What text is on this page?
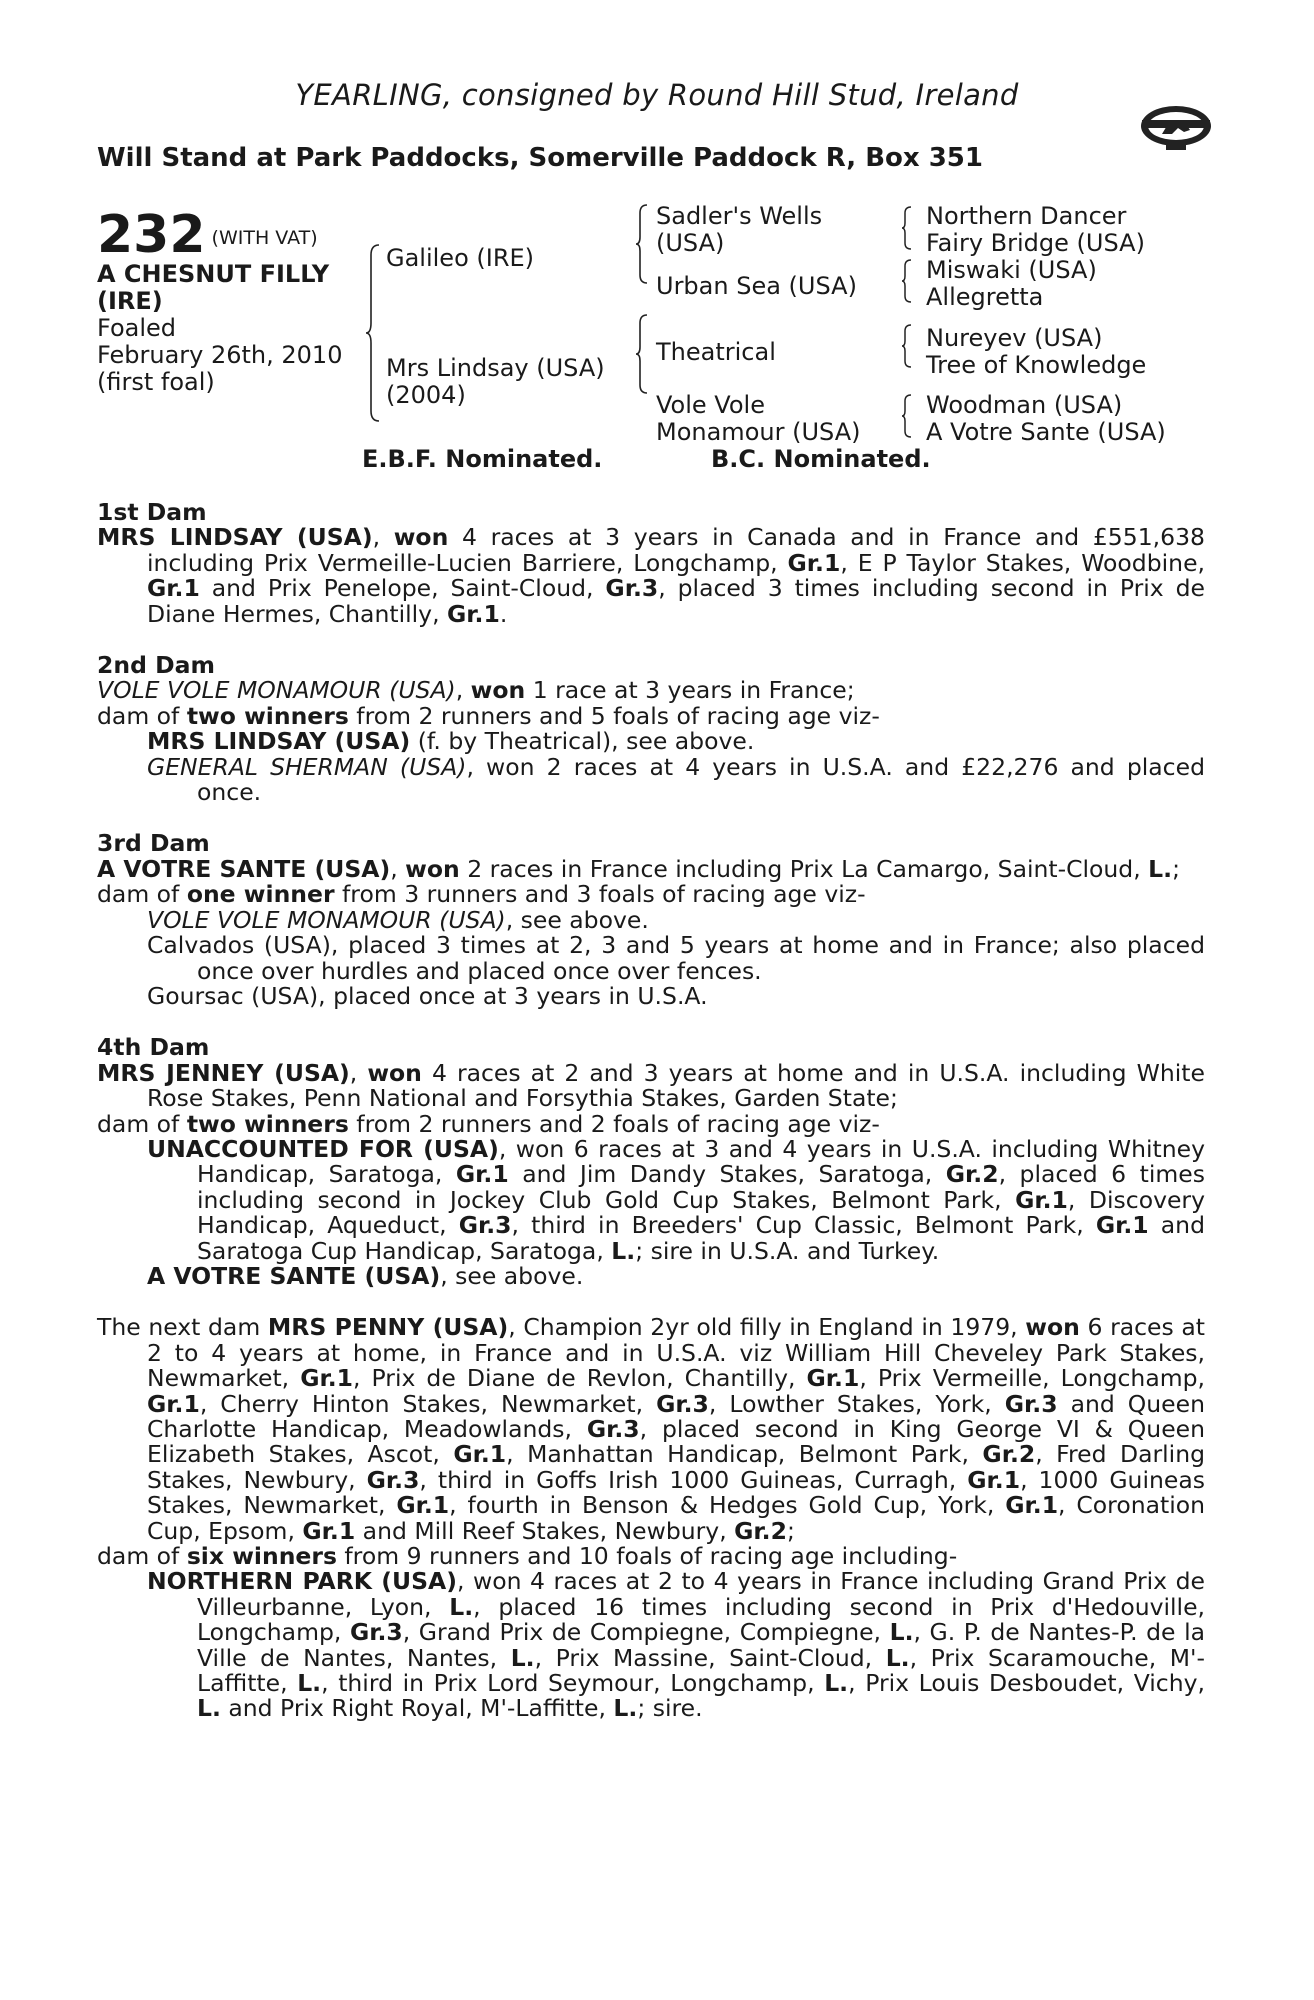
YEARLING, consigned by Round Hill Stud, Ireland
Will Stand at Park Paddocks, Somerville Paddock R, Box 351
232 (WITH VAT)
A CHESNUT FILLY
(IRE)
Foaled
February 26th, 2010
(first foal)
Galileo (IRE)
Mrs Lindsay (USA)
(2004)
Sadler's Wells
(USA)
Urban Sea (USA)
Theatrical
Vole Vole
Monamour (USA)
Northern Dancer
Fairy Bridge (USA)
Miswaki (USA)
Allegretta
Nureyev (USA)
Tree of Knowledge
Woodman (USA)
A Votre Sante (USA)
E.B.F. Nominated.	B.C. Nominated.
1st Dam
MRS LINDSAY (USA), won 4 races at 3 years in Canada and in France and £551,638 including Prix Vermeille-Lucien Barriere, Longchamp, Gr.1, E P Taylor Stakes, Woodbine, Gr.1 and Prix Penelope, Saint-Cloud, Gr.3, placed 3 times including second in Prix de Diane Hermes, Chantilly, Gr.1.
2nd Dam
VOLE VOLE MONAMOUR (USA), won 1 race at 3 years in France;
dam of two winners from 2 runners and 5 foals of racing age viz-
MRS LINDSAY (USA) (f. by Theatrical), see above.
GENERAL SHERMAN (USA), won 2 races at 4 years in U.S.A. and £22,276 and placed once.
3rd Dam
A VOTRE SANTE (USA), won 2 races in France including Prix La Camargo, Saint-Cloud, L.;
dam of one winner from 3 runners and 3 foals of racing age viz-
VOLE VOLE MONAMOUR (USA), see above.
Calvados (USA), placed 3 times at 2, 3 and 5 years at home and in France; also placed once over hurdles and placed once over fences.
Goursac (USA), placed once at 3 years in U.S.A.
4th Dam
MRS JENNEY (USA), won 4 races at 2 and 3 years at home and in U.S.A. including White Rose Stakes, Penn National and Forsythia Stakes, Garden State;
dam of two winners from 2 runners and 2 foals of racing age viz-
UNACCOUNTED FOR (USA), won 6 races at 3 and 4 years in U.S.A. including Whitney Handicap, Saratoga, Gr.1 and Jim Dandy Stakes, Saratoga, Gr.2, placed 6 times including second in Jockey Club Gold Cup Stakes, Belmont Park, Gr.1, Discovery Handicap, Aqueduct, Gr.3, third in Breeders' Cup Classic, Belmont Park, Gr.1 and Saratoga Cup Handicap, Saratoga, L.; sire in U.S.A. and Turkey.
A VOTRE SANTE (USA), see above.
The next dam MRS PENNY (USA), Champion 2yr old filly in England in 1979, won 6 races at 2 to 4 years at home, in France and in U.S.A. viz William Hill Cheveley Park Stakes, Newmarket, Gr.1, Prix de Diane de Revlon, Chantilly, Gr.1, Prix Vermeille, Longchamp, Gr.1, Cherry Hinton Stakes, Newmarket, Gr.3, Lowther Stakes, York, Gr.3 and Queen Charlotte Handicap, Meadowlands, Gr.3, placed second in King George VI & Queen Elizabeth Stakes, Ascot, Gr.1, Manhattan Handicap, Belmont Park, Gr.2, Fred Darling Stakes, Newbury, Gr.3, third in Goffs Irish 1000 Guineas, Curragh, Gr.1, 1000 Guineas Stakes, Newmarket, Gr.1, fourth in Benson & Hedges Gold Cup, York, Gr.1, Coronation Cup, Epsom, Gr.1 and Mill Reef Stakes, Newbury, Gr.2;
dam of six winners from 9 runners and 10 foals of racing age including-
NORTHERN PARK (USA), won 4 races at 2 to 4 years in France including Grand Prix de Villeurbanne, Lyon, L., placed 16 times including second in Prix d'Hedouville, Longchamp, Gr.3, Grand Prix de Compiegne, Compiegne, L., G. P. de Nantes-P. de la Ville de Nantes, Nantes, L., Prix Massine, Saint-Cloud, L., Prix Scaramouche, M'-Laffitte, L., third in Prix Lord Seymour, Longchamp, L., Prix Louis Desboudet, Vichy, L. and Prix Right Royal, M'-Laffitte, L.; sire.
